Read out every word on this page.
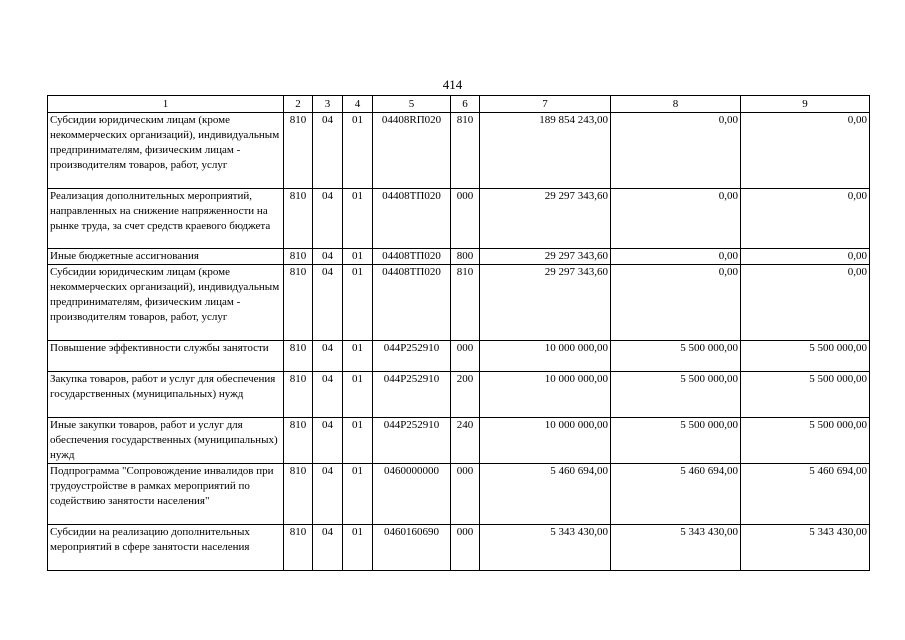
414
1	2	3	4	5	6	7	8	9
Субсидии юридическим лицам (кроме некоммерческих организаций), индивидуальным предпринимателям, физическим лицам - производителям товаров, работ, услуг	810	04	01	04408RП020	810	189 854 243,00	0,00	0,00
Реализация дополнительных мероприятий, направленных на снижение напряженности на рынке труда, за счет средств краевого бюджета	810	04	01	04408ТП020	000	29 297 343,60	0,00	0,00
Иные бюджетные ассигнования	810	04	01	04408ТП020	800	29 297 343,60	0,00	0,00
Субсидии юридическим лицам (кроме некоммерческих организаций), индивидуальным предпринимателям, физическим лицам - производителям товаров, работ, услуг	810	04	01	04408ТП020	810	29 297 343,60	0,00	0,00
Повышение эффективности службы занятости	810	04	01	044P252910	000	10 000 000,00	5 500 000,00	5 500 000,00
Закупка товаров, работ и услуг для обеспечения государственных (муниципальных) нужд	810	04	01	044P252910	200	10 000 000,00	5 500 000,00	5 500 000,00
Иные закупки товаров, работ и услуг для обеспечения государственных (муниципальных) нужд	810	04	01	044P252910	240	10 000 000,00	5 500 000,00	5 500 000,00
Подпрограмма "Сопровождение инвалидов при трудоустройстве в рамках мероприятий по содействию занятости населения"	810	04	01	0460000000	000	5 460 694,00	5 460 694,00	5 460 694,00
Субсидии на реализацию дополнительных мероприятий в сфере занятости населения	810	04	01	0460160690	000	5 343 430,00	5 343 430,00	5 343 430,00
